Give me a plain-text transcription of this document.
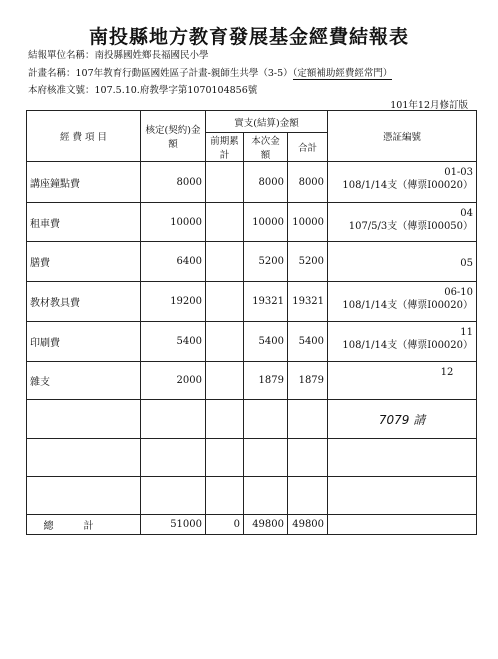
南投縣地方教育發展基金經費結報表
結報單位名稱：南投縣國姓鄉長福國民小學
計畫名稱：107年教育行動區國姓區子計畫-親師生共學（3-5）（定額補助經費經常門）
本府核准文號：107.5.10.府教學字第1070104856號
101年12月修訂版
經 費 項 目	核定(契約)金額	實支(結算)金額			憑証編號
		前期累計	本次金額	合計	
講座鐘點費	8000		8000	8000	01-03
108/1/14支（傳票I00020）

租車費	10000		10000	10000	04
107/5/3支（傳票I00050）

膳費	6400		5200	5200	05

教材教具費	19200		19321	19321	06-10
108/1/14支（傳票I00020）

印刷費	5400		5400	5400	11
108/1/14支（傳票I00020）

雜支	2000		1879	1879	12

					7079 請

總計	51000	0	49800	49800	
